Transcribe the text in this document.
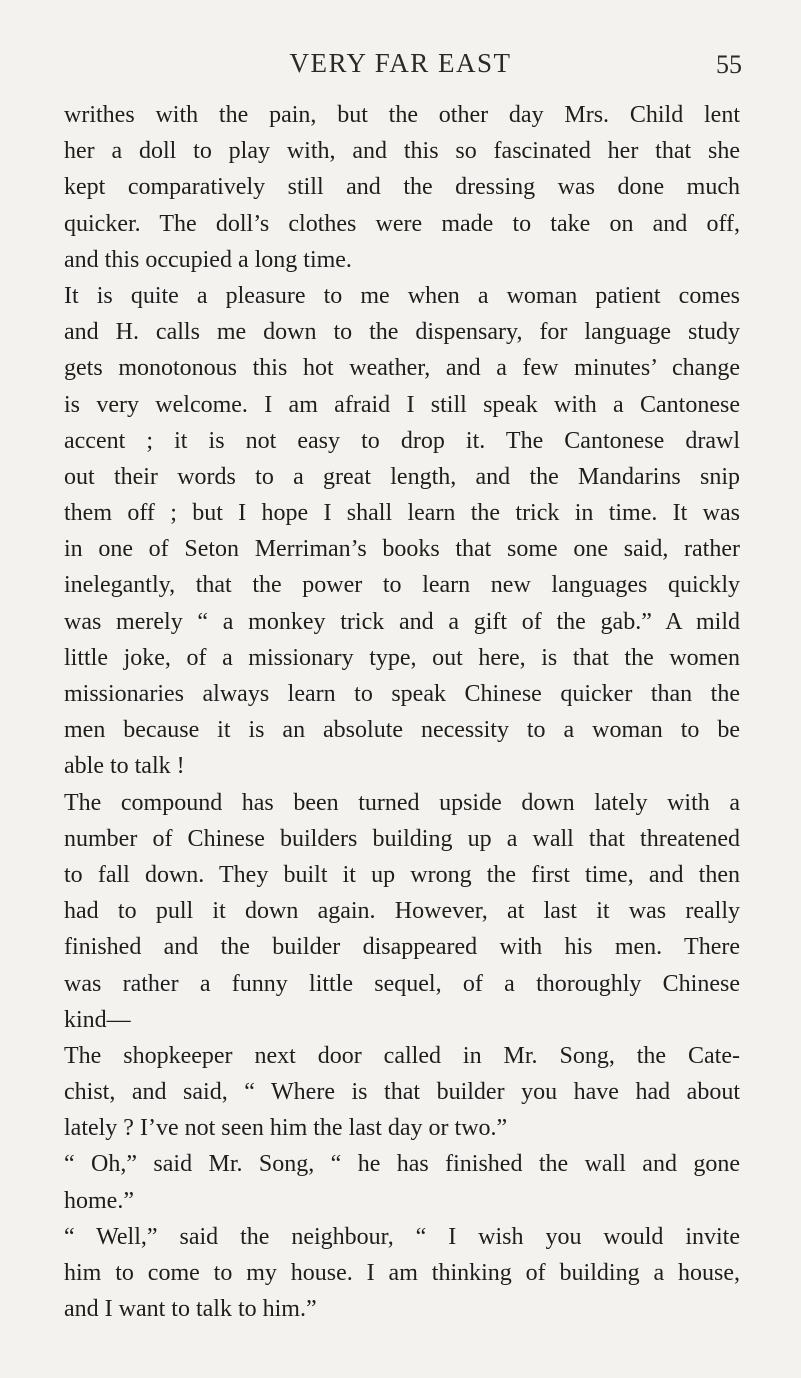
VERY FAR EAST	55
writhes with the pain, but the other day Mrs. Child lent
her a doll to play with, and this so fascinated her that she
kept comparatively still and the dressing was done much
quicker. The doll’s clothes were made to take on and off,
and this occupied a long time.
It is quite a pleasure to me when a woman patient comes
and H. calls me down to the dispensary, for language study
gets monotonous this hot weather, and a few minutes’ change
is very welcome. I am afraid I still speak with a Cantonese
accent ; it is not easy to drop it. The Cantonese drawl
out their words to a great length, and the Mandarins snip
them off ; but I hope I shall learn the trick in time. It was
in one of Seton Merriman’s books that some one said, rather
inelegantly, that the power to learn new languages quickly
was merely “ a monkey trick and a gift of the gab.” A mild
little joke, of a missionary type, out here, is that the women
missionaries always learn to speak Chinese quicker than the
men because it is an absolute necessity to a woman to be
able to talk !
The compound has been turned upside down lately with a
number of Chinese builders building up a wall that threatened
to fall down. They built it up wrong the first time, and then
had to pull it down again. However, at last it was really
finished and the builder disappeared with his men. There
was rather a funny little sequel, of a thoroughly Chinese
kind—
The shopkeeper next door called in Mr. Song, the Cate-
chist, and said, “ Where is that builder you have had about
lately ? I’ve not seen him the last day or two.”
“ Oh,” said Mr. Song, “ he has finished the wall and gone
home.”
“ Well,” said the neighbour, “ I wish you would invite
him to come to my house. I am thinking of building a house,
and I want to talk to him.”
